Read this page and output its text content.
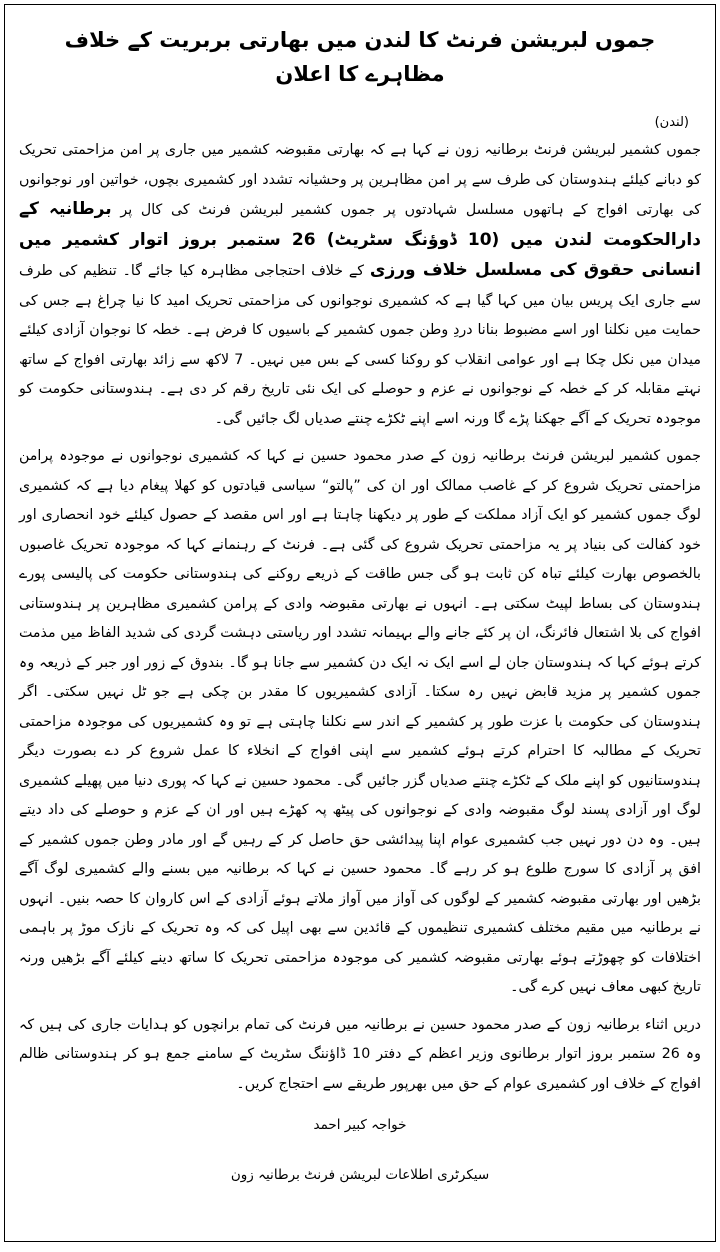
جموں لبریشن فرنٹ کا لندن میں بھارتی بربریت کے خلاف مظاہرے کا اعلان
(لندن)

جموں کشمیر لبریشن فرنٹ برطانیہ زون نے کہا ہے کہ بھارتی مقبوضہ کشمیر میں جاری پر امن مزاحمتی تحریک کو دبانے کیلئے ہندوستان کی طرف سے پر امن مظاہرین پر وحشیانہ تشدد اور کشمیری بچوں، خواتین اور نوجوانوں کی بھارتی افواج کے ہاتھوں مسلسل شہادتوں پر جموں کشمیر لبریشن فرنٹ کی کال پر برطانیہ کے دارالحکومت لندن میں (10 ڈوؤنگ سٹریٹ) 26 ستمبر بروز اتوار کشمیر میں انسانی حقوق کی مسلسل خلاف ورزی کے خلاف احتجاجی مظاہرہ کیا جائے گا۔ تنظیم کی طرف سے جاری ایک پریس بیان میں کہا گیا ہے کہ کشمیری نوجوانوں کی مزاحمتی تحریک امید کا نیا چراغ ہے جس کی حمایت میں نکلنا اور اسے مضبوط بنانا دردِ وطن جموں کشمیر کے باسیوں کا فرض ہے۔ خطہ کا نوجوان آزادی کیلئے میدان میں نکل چکا ہے اور عوامی انقلاب کو روکنا کسی کے بس میں نہیں۔ 7 لاکھ سے زائد بھارتی افواج کے ساتھ نہتے مقابلہ کر کے خطہ کے نوجوانوں نے عزم و حوصلے کی ایک نئی تاریخ رقم کر دی ہے۔ ہندوستانی حکومت کو موجودہ تحریک کے آگے جھکنا پڑے گا ورنہ اسے اپنے ٹکڑے چنتے صدیاں لگ جائیں گی۔

جموں کشمیر لبریشن فرنٹ برطانیہ زون کے صدر محمود حسین نے کہا کہ کشمیری نوجوانوں نے موجودہ پرامن مزاحمتی تحریک شروع کر کے غاصب ممالک اور ان کی ”پالتو“ سیاسی قیادتوں کو کھلا پیغام دیا ہے کہ کشمیری لوگ جموں کشمیر کو ایک آزاد مملکت کے طور پر دیکھنا چاہتا ہے اور اس مقصد کے حصول کیلئے خود انحصاری اور خود کفالت کی بنیاد پر یہ مزاحمتی تحریک شروع کی گئی ہے۔ فرنٹ کے رہنمانے کہا کہ موجودہ تحریک غاصبوں بالخصوص بھارت کیلئے تباہ کن ثابت ہو گی جس طاقت کے ذریعے روکنے کی ہندوستانی حکومت کی پالیسی پورے ہندوستان کی بساط لپیٹ سکتی ہے۔ انہوں نے بھارتی مقبوضہ وادی کے پرامن کشمیری مظاہرین پر ہندوستانی افواج کی بلا اشتعال فائرنگ، ان پر کئے جانے والے بہیمانہ تشدد اور ریاستی دہشت گردی کی شدید الفاظ میں مذمت کرتے ہوئے کہا کہ ہندوستان جان لے اسے ایک نہ ایک دن کشمیر سے جانا ہو گا۔ بندوق کے زور اور جبر کے ذریعہ وہ جموں کشمیر پر مزید قابض نہیں رہ سکتا۔ آزادی کشمیریوں کا مقدر بن چکی ہے جو ٹل نہیں سکتی۔ اگر ہندوستان کی حکومت با عزت طور پر کشمیر کے اندر سے نکلنا چاہتی ہے تو وہ کشمیریوں کی موجودہ مزاحمتی تحریک کے مطالبہ کا احترام کرتے ہوئے کشمیر سے اپنی افواج کے انخلاء کا عمل شروع کر دے بصورت دیگر ہندوستانیوں کو اپنے ملک کے ٹکڑے چنتے صدیاں گزر جائیں گی۔ محمود حسین نے کہا کہ پوری دنیا میں پھیلے کشمیری لوگ اور آزادی پسند لوگ مقبوضہ وادی کے نوجوانوں کی پیٹھ پہ کھڑے ہیں اور ان کے عزم و حوصلے کی داد دیتے ہیں۔ وہ دن دور نہیں جب کشمیری عوام اپنا پیدائشی حق حاصل کر کے رہیں گے اور مادر وطن جموں کشمیر کے افق پر آزادی کا سورج طلوع ہو کر رہے گا۔ محمود حسین نے کہا کہ برطانیہ میں بسنے والے کشمیری لوگ آگے بڑھیں اور بھارتی مقبوضہ کشمیر کے لوگوں کی آواز میں آواز ملاتے ہوئے آزادی کے اس کاروان کا حصہ بنیں۔ انہوں نے برطانیہ میں مقیم مختلف کشمیری تنظیموں کے قائدین سے بھی اپیل کی کہ وہ تحریک کے نازک موڑ پر باہمی اختلافات کو چھوڑتے ہوئے بھارتی مقبوضہ کشمیر کی موجودہ مزاحمتی تحریک کا ساتھ دینے کیلئے آگے بڑھیں ورنہ تاریخ کبھی معاف نہیں کرے گی۔

دریں اثناء برطانیہ زون کے صدر محمود حسین نے برطانیہ میں فرنٹ کی تمام برانچوں کو ہدایات جاری کی ہیں کہ وہ 26 ستمبر بروز اتوار برطانوی وزیر اعظم کے دفتر 10 ڈاؤننگ سٹریٹ کے سامنے جمع ہو کر ہندوستانی ظالم افواج کے خلاف اور کشمیری عوام کے حق میں بھرپور طریقے سے احتجاج کریں۔

خواجہ کبیر احمد
سیکرٹری اطلاعات لبریشن فرنٹ برطانیہ زون
